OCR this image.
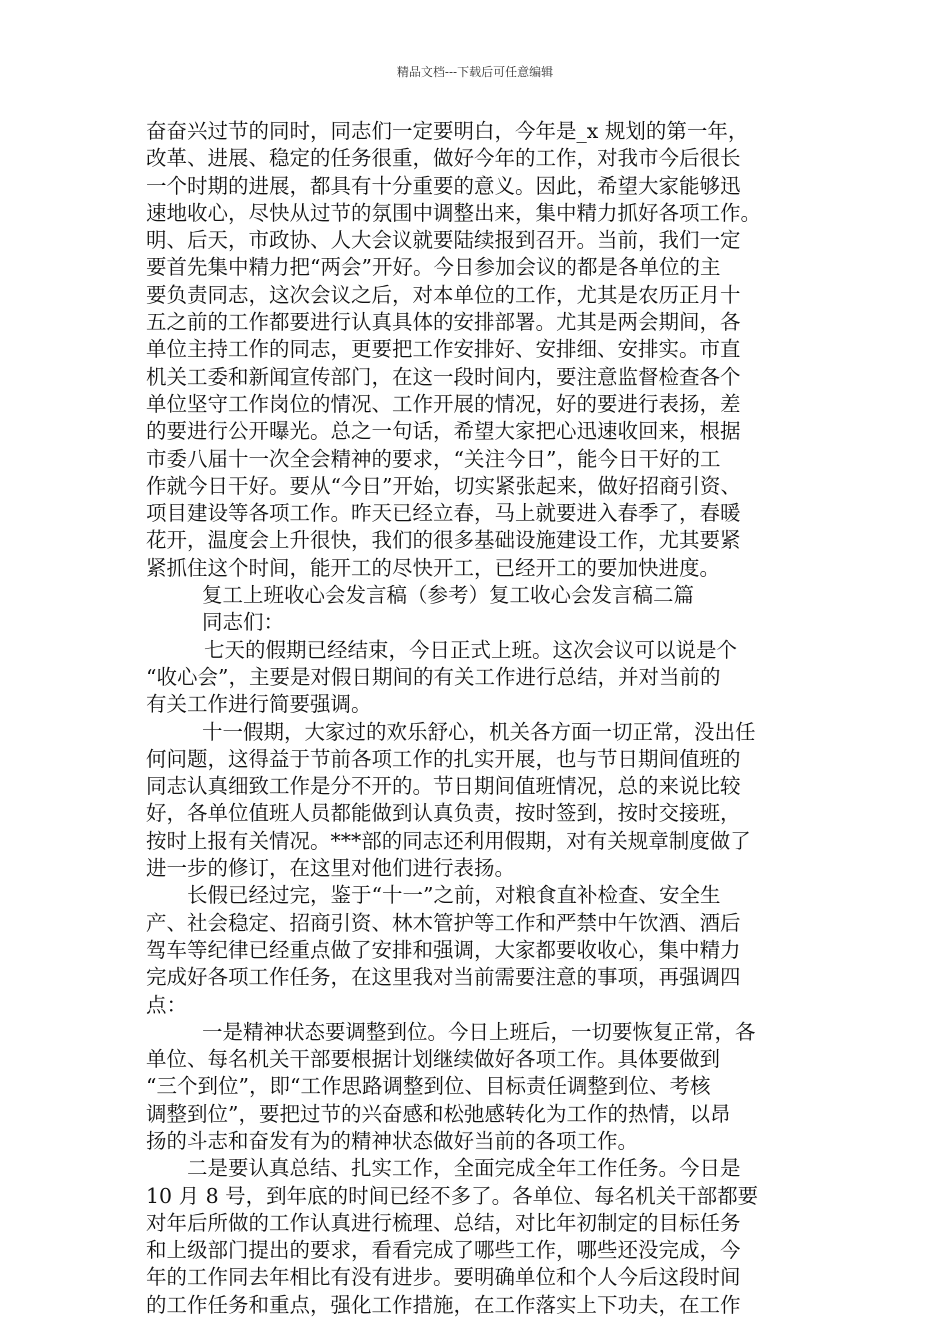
精品文档---下载后可任意编辑
奋奋兴过节的同时，同志们一定要明白，今年是_x 规划的第一年，
改革、进展、稳定的任务很重，做好今年的工作，对我市今后很长
一个时期的进展，都具有十分重要的意义。因此，希望大家能够迅
速地收心，尽快从过节的氛围中调整出来，集中精力抓好各项工作。
明、后天，市政协、人大会议就要陆续报到召开。当前，我们一定
要首先集中精力把“两会”开好。今日参加会议的都是各单位的主
要负责同志，这次会议之后，对本单位的工作，尤其是农历正月十
五之前的工作都要进行认真具体的安排部署。尤其是两会期间，各
单位主持工作的同志，更要把工作安排好、安排细、安排实。市直
机关工委和新闻宣传部门，在这一段时间内，要注意监督检查各个
单位坚守工作岗位的情况、工作开展的情况，好的要进行表扬，差
的要进行公开曝光。总之一句话，希望大家把心迅速收回来，根据
市委八届十一次全会精神的要求，“关注今日”，能今日干好的工
作就今日干好。要从“今日”开始，切实紧张起来，做好招商引资、
项目建设等各项工作。昨天已经立春，马上就要进入春季了，春暖
花开，温度会上升很快，我们的很多基础设施建设工作，尤其要紧
紧抓住这个时间，能开工的尽快开工，已经开工的要加快进度。
复工上班收心会发言稿（参考）复工收心会发言稿二篇
同志们：
七天的假期已经结束，今日正式上班。这次会议可以说是个
“收心会”，主要是对假日期间的有关工作进行总结，并对当前的
有关工作进行简要强调。
十一假期，大家过的欢乐舒心，机关各方面一切正常，没出任
何问题，这得益于节前各项工作的扎实开展，也与节日期间值班的
同志认真细致工作是分不开的。节日期间值班情况，总的来说比较
好，各单位值班人员都能做到认真负责，按时签到，按时交接班，
按时上报有关情况。***部的同志还利用假期，对有关规章制度做了
进一步的修订，在这里对他们进行表扬。
长假已经过完，鉴于“十一”之前，对粮食直补检查、安全生
产、社会稳定、招商引资、林木管护等工作和严禁中午饮酒、酒后
驾车等纪律已经重点做了安排和强调，大家都要收收心，集中精力
完成好各项工作任务，在这里我对当前需要注意的事项，再强调四
点：
一是精神状态要调整到位。今日上班后，一切要恢复正常，各
单位、每名机关干部要根据计划继续做好各项工作。具体要做到
“三个到位”，即“工作思路调整到位、目标责任调整到位、考核
调整到位”，要把过节的兴奋感和松弛感转化为工作的热情，以昂
扬的斗志和奋发有为的精神状态做好当前的各项工作。
二是要认真总结、扎实工作，全面完成全年工作任务。今日是
10 月 8 号，到年底的时间已经不多了。各单位、每名机关干部都要
对年后所做的工作认真进行梳理、总结，对比年初制定的目标任务
和上级部门提出的要求，看看完成了哪些工作，哪些还没完成，今
年的工作同去年相比有没有进步。要明确单位和个人今后这段时间
的工作任务和重点，强化工作措施，在工作落实上下功夫，在工作
